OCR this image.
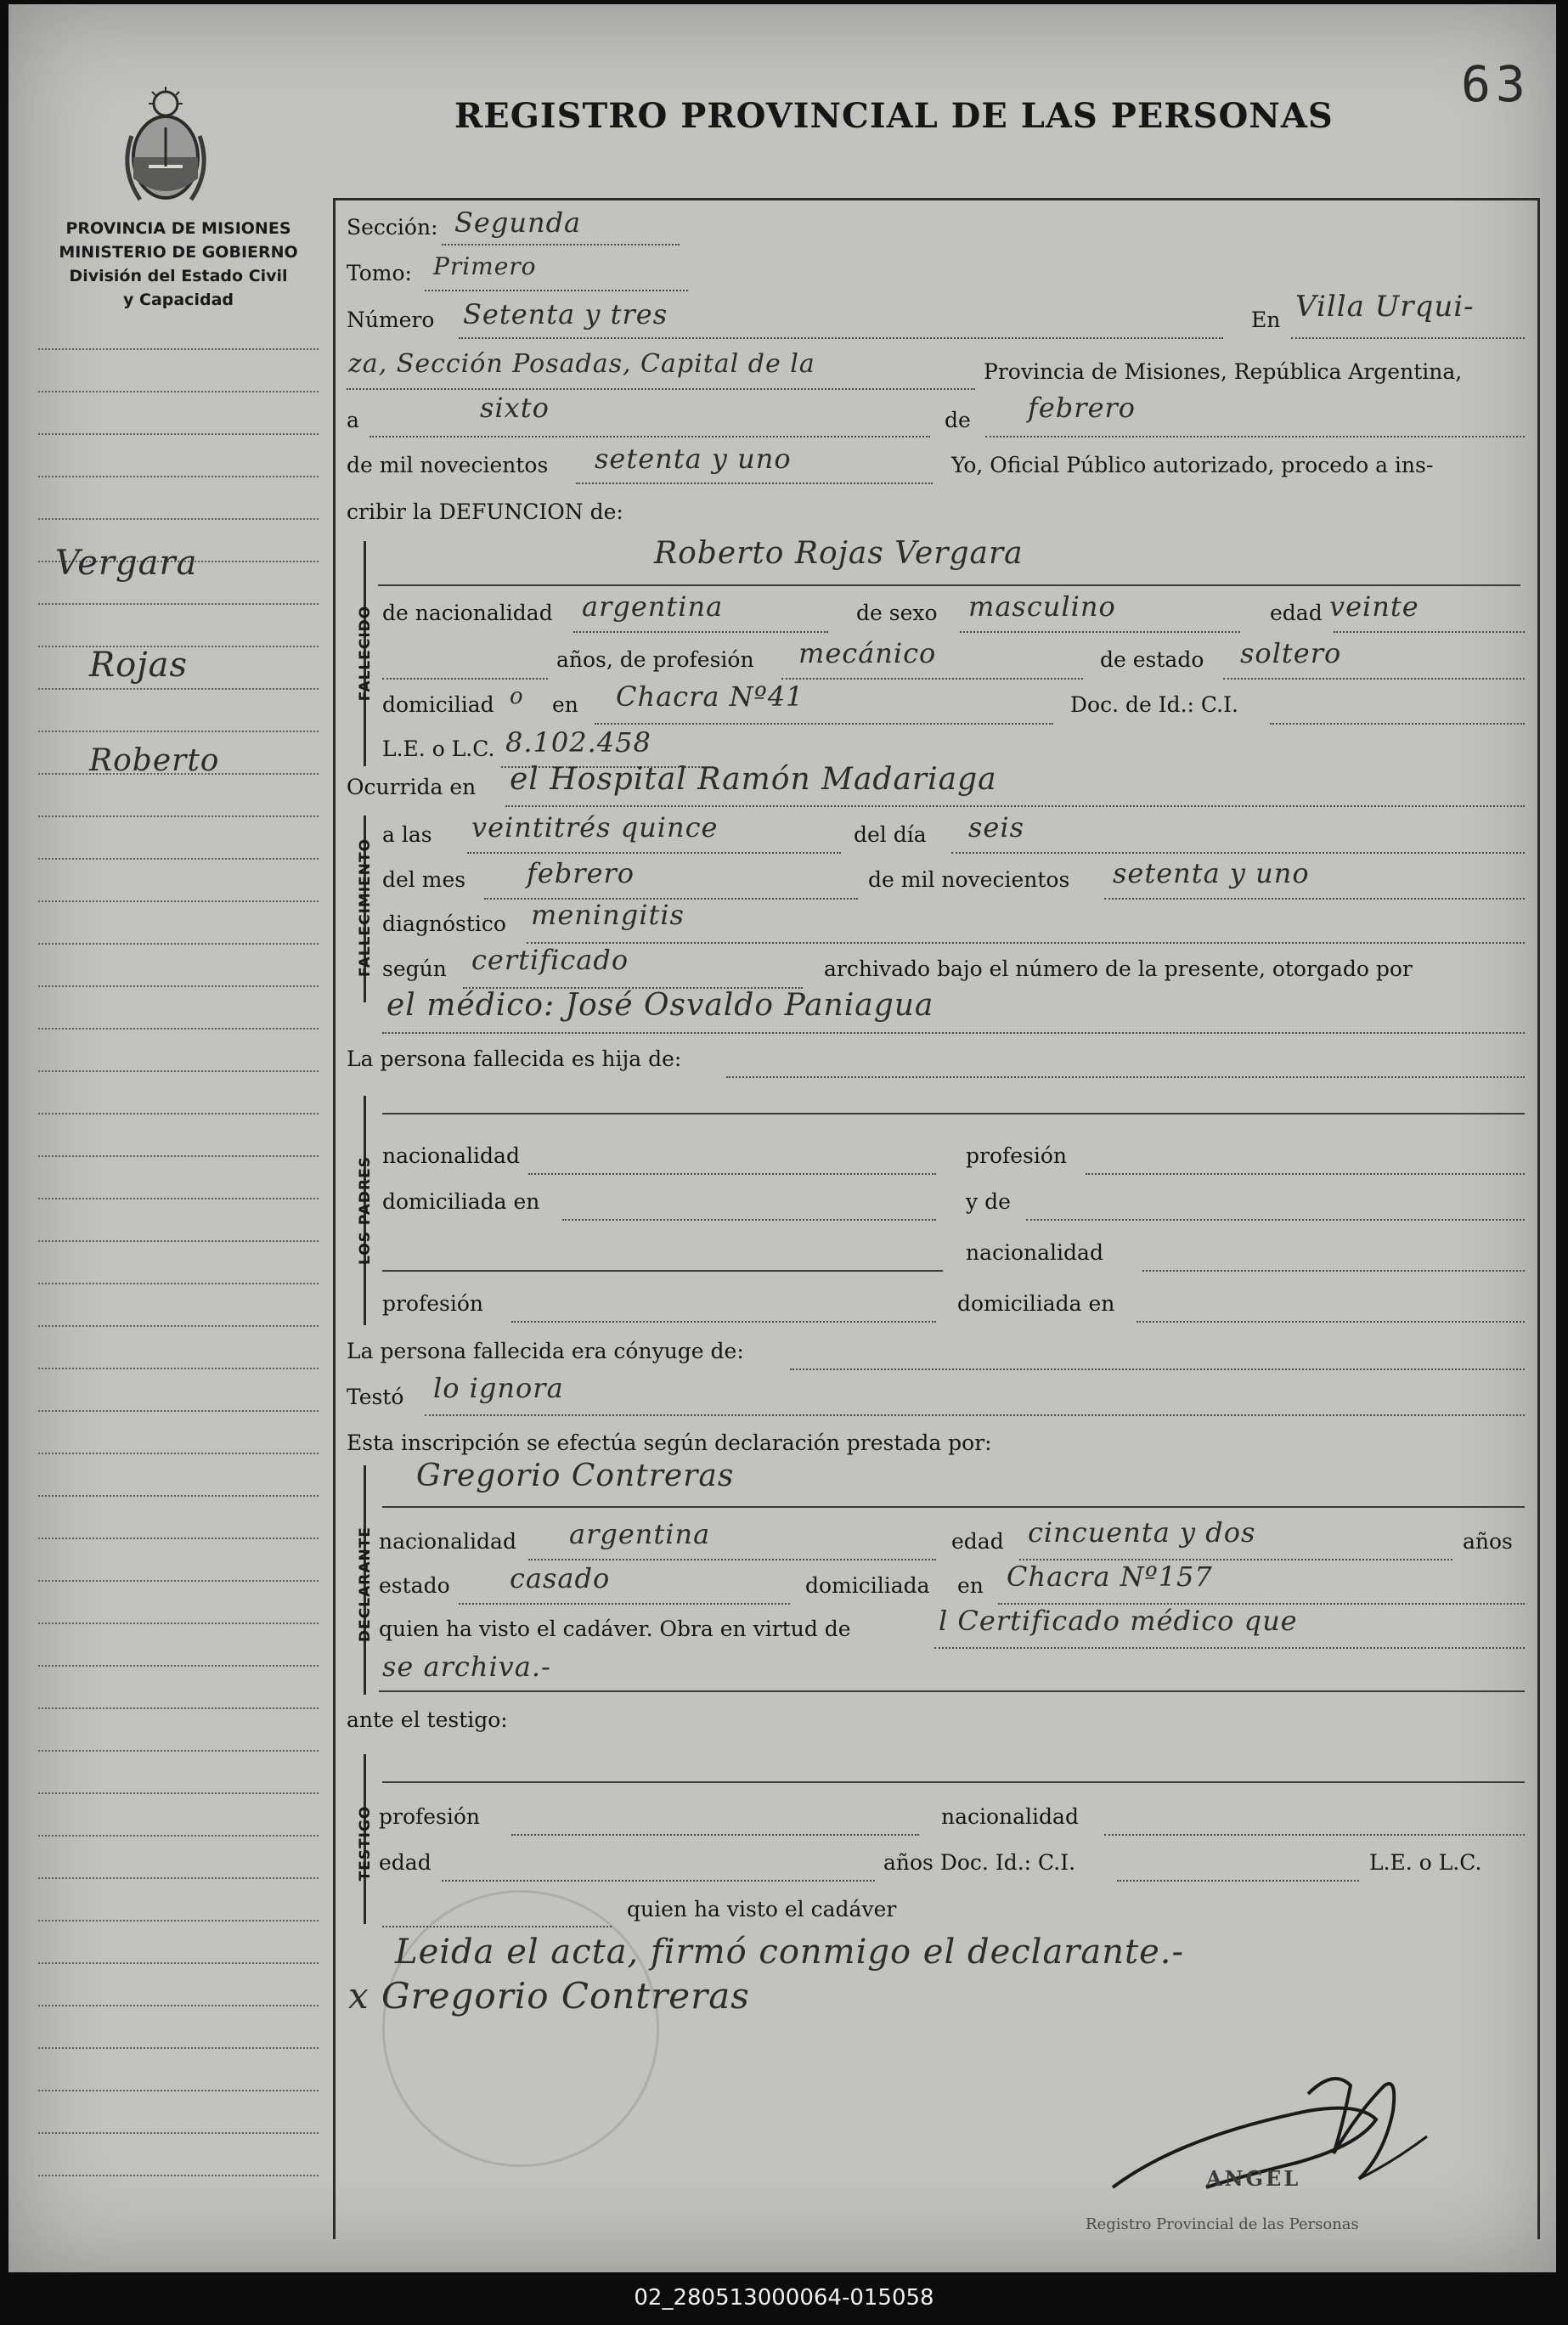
REGISTRO PROVINCIAL DE LAS PERSONAS
63
PROVINCIA DE MISIONES
MINISTERIO DE GOBIERNO
División del Estado Civil
y Capacidad
Vergara
Rojas
Roberto
Sección: Segunda
Tomo: Primero
Número Setenta y tres	En Villa Urqui-
za, Sección Posadas, Capital de la	Provincia de Misiones, República Argentina,
a	sixto	de febrero
de mil novecientos setenta y uno	Yo, Oficial Público autorizado, procedo a ins-
cribir la DEFUNCION de:
FALLECIDO
Roberto Rojas Vergara
de nacionalidad argentina	de sexo masculino	edad veinte
años, de profesión mecánico	de estado soltero
domiciliad o en Chacra Nº41	Doc. de Id.: C.I.
L.E. o L.C. 8.102.458
Ocurrida en el Hospital Ramón Madariaga
FALLECIMIENTO
a las veintitrés quince	del día seis
del mes febrero	de mil novecientos setenta y uno
diagnóstico meningitis
según certificado	archivado bajo el número de la presente, otorgado por
el médico: José Osvaldo Paniagua
La persona fallecida es hija de:
LOS PADRES
nacionalidad	profesión
domiciliada en	y de
nacionalidad
profesión	domiciliada en
La persona fallecida era cónyuge de:
Testó lo ignora
Esta inscripción se efectúa según declaración prestada por:
DECLARANTE
Gregorio Contreras
nacionalidad argentina	edad cincuenta y dos	años
estado casado	domiciliada en Chacra Nº157
quien ha visto el cadáver. Obra en virtud de	l Certificado médico que
se archiva.-
ante el testigo:
TESTIGO profesión	nacionalidad
edad	años Doc. Id.: C.I.	L.E. o L.C.
quien ha visto el cadáver
Leida el acta, firmó conmigo el declarante.-
x Gregorio Contreras
ANGEL
Registro Provincial de las Personas
02_280513000064-015058
